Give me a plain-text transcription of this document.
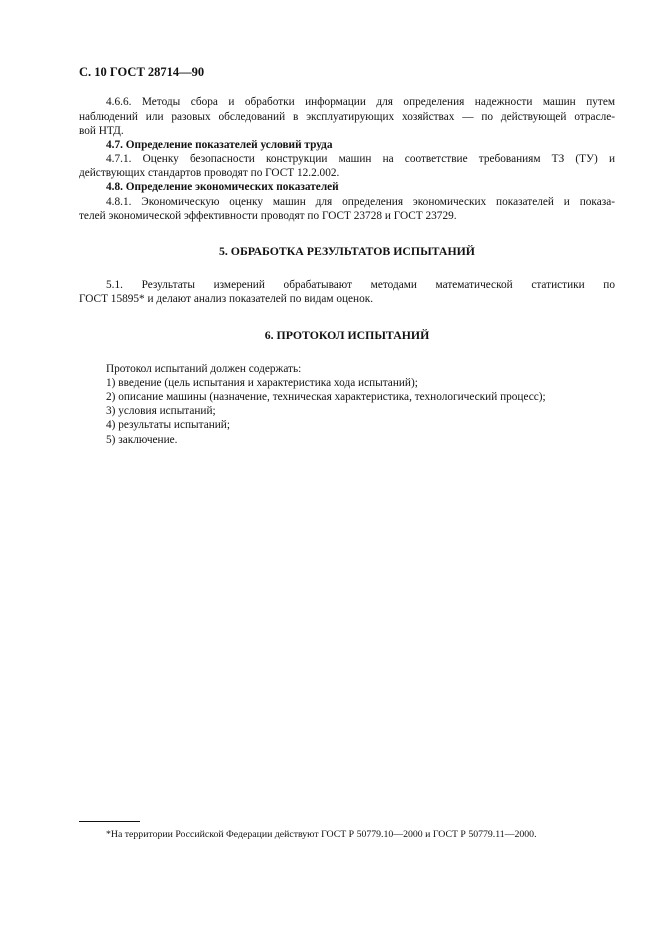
С. 10 ГОСТ 28714—90
4.6.6. Методы сбора и обработки информации для определения надежности машин путем
наблюдений или разовых обследований в эксплуатирующих хозяйствах — по действующей отрасле-
вой НТД.
4.7. Определение показателей условий труда
4.7.1. Оценку безопасности конструкции машин на соответствие требованиям ТЗ (ТУ) и
действующих стандартов проводят по ГОСТ 12.2.002.
4.8. Определение экономических показателей
4.8.1. Экономическую оценку машин для определения экономических показателей и показа-
телей экономической эффективности проводят по ГОСТ 23728 и ГОСТ 23729.
5. ОБРАБОТКА РЕЗУЛЬТАТОВ ИСПЫТАНИЙ
5.1. Результаты измерений обрабатывают методами математической статистики по
ГОСТ 15895* и делают анализ показателей по видам оценок.
6. ПРОТОКОЛ ИСПЫТАНИЙ
Протокол испытаний должен содержать:
1) введение (цель испытания и характеристика хода испытаний);
2) описание машины (назначение, техническая характеристика, технологический процесс);
3) условия испытаний;
4) результаты испытаний;
5) заключение.
*На территории Российской Федерации действуют ГОСТ Р 50779.10—2000 и ГОСТ Р 50779.11—2000.
